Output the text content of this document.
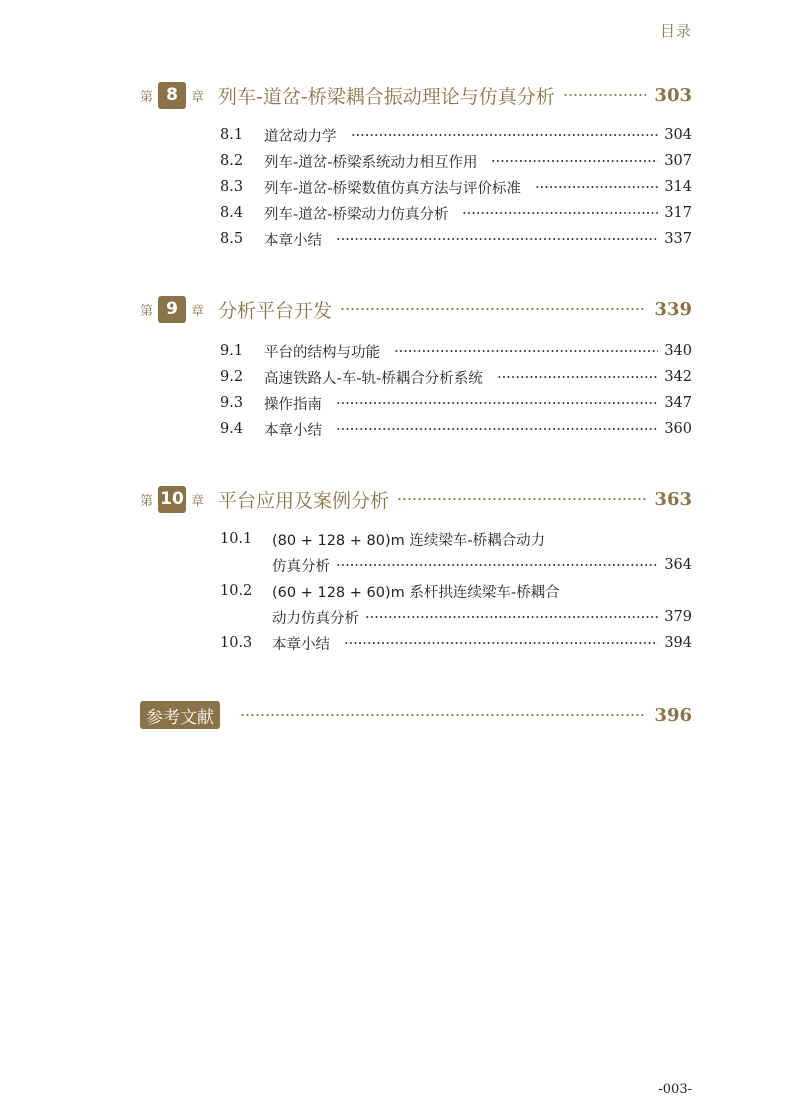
目录
第 8	章 列车-道岔-桥梁耦合振动理论与仿真分析	303
8.1	道岔动力学	304
8.2	列车-道岔-桥梁系统动力相互作用	307
8.3	列车-道岔-桥梁数值仿真方法与评价标准	314
8.4	列车-道岔-桥梁动力仿真分析	317
8.5	本章小结	337
第 9	章 分析平台开发	339
9.1	平台的结构与功能	340
9.2	高速铁路人-车-轨-桥耦合分析系统	342
9.3	操作指南	347
9.4	本章小结	360
第 10 章 平台应用及案例分析	363
10.1	(80 + 128 + 80)m 连续梁车-桥耦合动力
仿真分析	364
10.2	(60 + 128 + 60)m 系杆拱连续梁车-桥耦合
动力仿真分析	379
10.3	本章小结	394
参考文献	396
-003-
